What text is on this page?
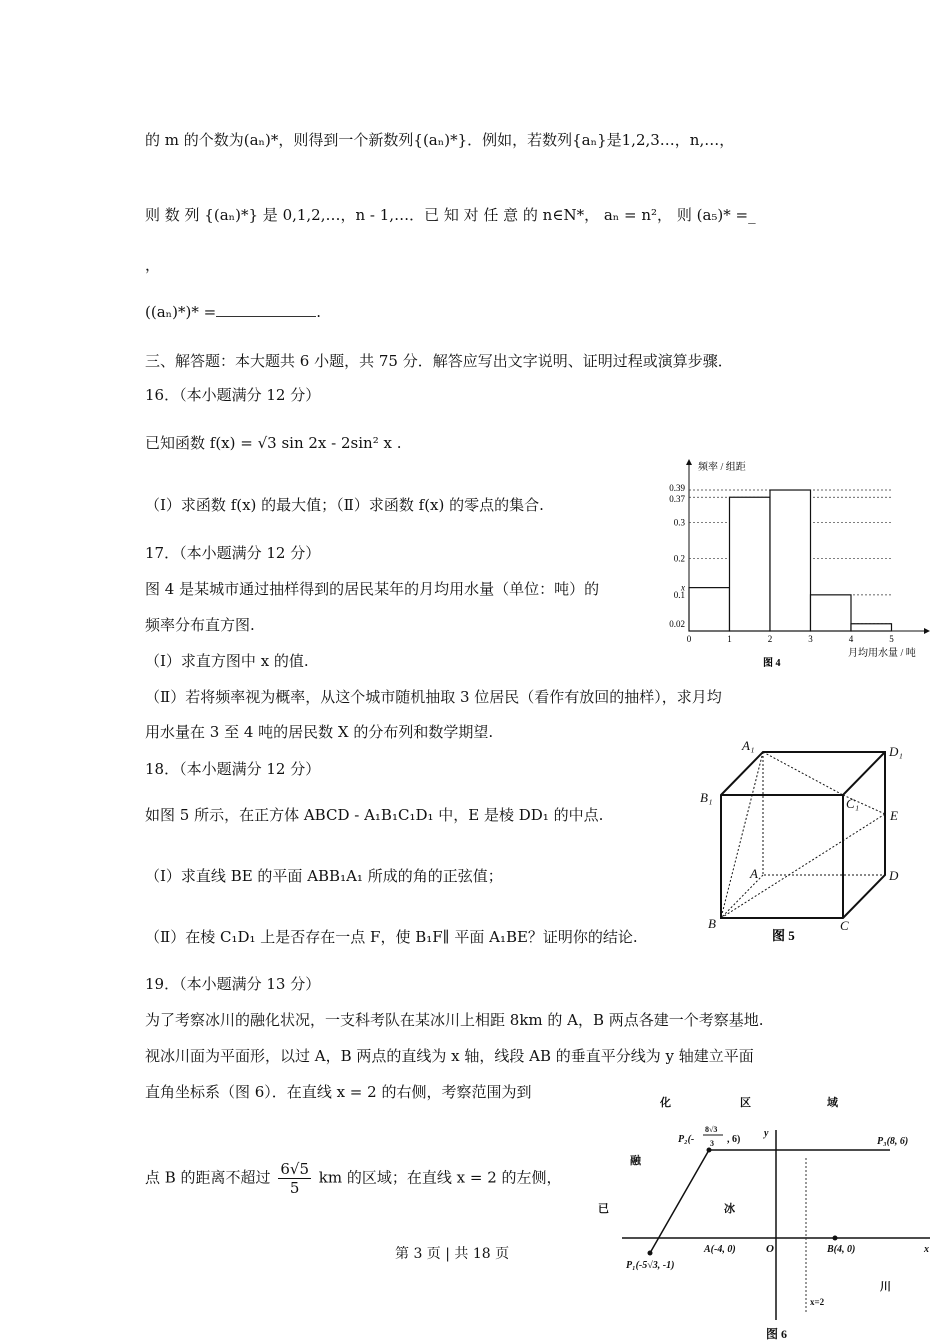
的 m 的个数为(aₙ)*，则得到一个新数列{(aₙ)*}．例如，若数列{aₙ}是1,2,3…，n,…，
则 数 列 {(aₙ)*} 是 0,1,2,…，n - 1,…．已 知 对 任 意 的 n∈N*， aₙ = n²， 则 (a₅)* =_
，
((aₙ)*)* =	.
三、解答题：本大题共 6 小题，共 75 分．解答应写出文字说明、证明过程或演算步骤．
16．（本小题满分 12 分）
已知函数 f(x) = √3 sin 2x - 2sin² x .
（Ⅰ）求函数 f(x) 的最大值；（Ⅱ）求函数 f(x) 的零点的集合.
17．（本小题满分 12 分）
图 4 是某城市通过抽样得到的居民某年的月均用水量（单位：吨）的
频率分布直方图.
（Ⅰ）求直方图中 x 的值.
（Ⅱ）若将频率视为概率，从这个城市随机抽取 3 位居民（看作有放回的抽样），求月均
用水量在 3 至 4 吨的居民数 X 的分布列和数学期望.
18．（本小题满分 12 分）
如图 5 所示，在正方体 ABCD - A₁B₁C₁D₁ 中，E 是棱 DD₁ 的中点.
（Ⅰ）求直线 BE 的平面 ABB₁A₁ 所成的角的正弦值；
（Ⅱ）在棱 C₁D₁ 上是否存在一点 F，使 B₁F∥ 平面 A₁BE？证明你的结论.
19．（本小题满分 13 分）
为了考察冰川的融化状况，一支科考队在某冰川上相距 8km 的 A，B 两点各建一个考察基地.
视冰川面为平面形，以过 A，B 两点的直线为 x 轴，线段 AB 的垂直平分线为 y 轴建立平面
直角坐标系（图 6）．在直线 x = 2 的右侧，考察范围为到
点 B 的距离不超过 $\frac{6√5}{5}$ km 的区域；在直线 x = 2 的左侧，
第 3 页 | 共 18 页
0.39
0.37
0.3
0.2
0.1
0.02
x
0	1	2	3	4	5
频率 / 组距
月均用水量 / 吨
图 4
A₁	D₁
B₁	C₁
E
A	D
B	C
图 5
化	区	域
融
已	冰
川
P₁(-5√3, -1)
P₂(-
8√3
3 , 6)	P₃(8, 6)
A(-4, 0)	O	B(4, 0)	x
y
x=2
图 6
